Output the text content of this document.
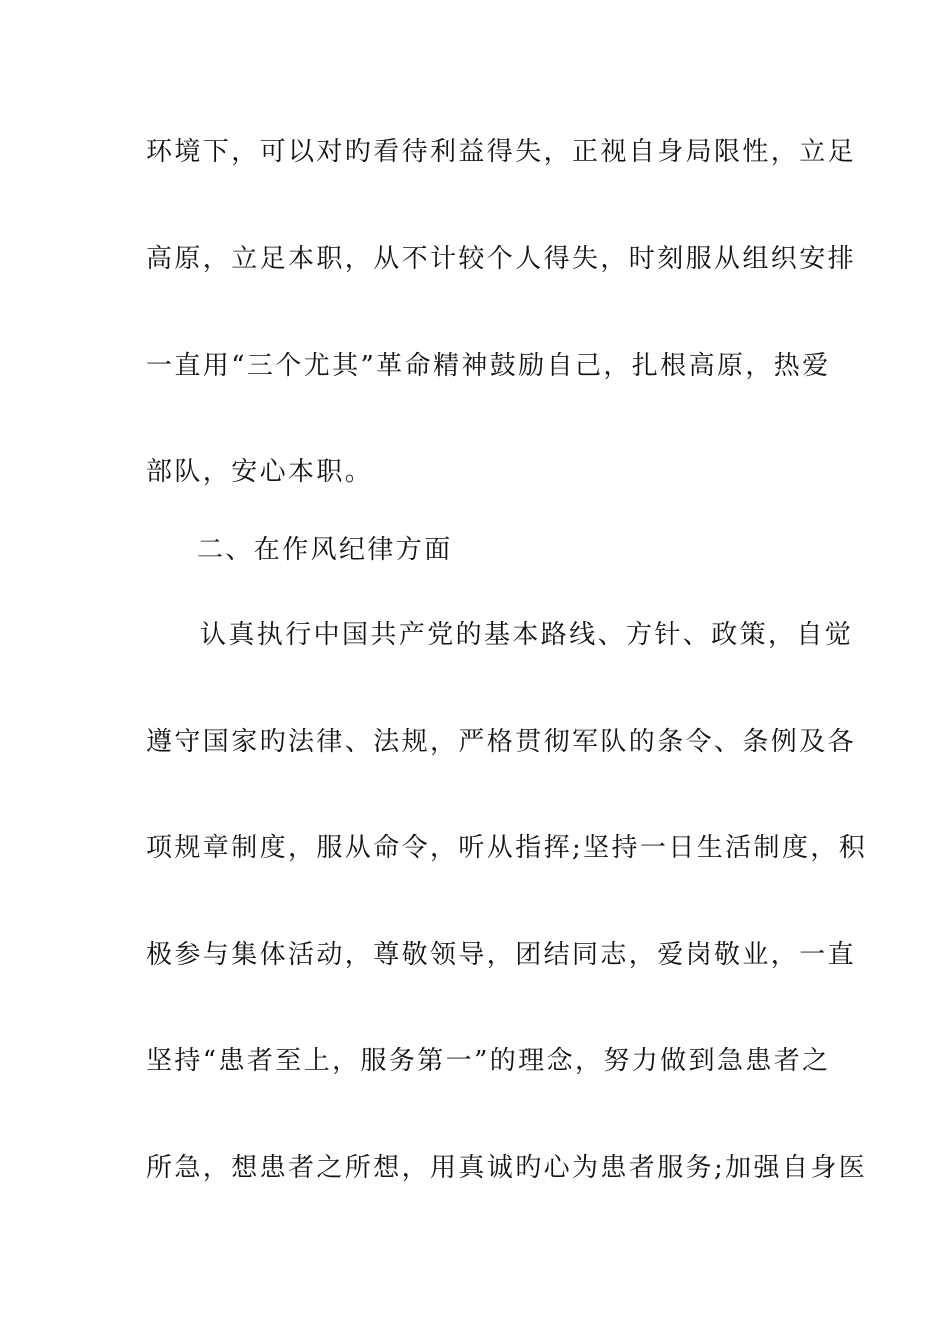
环境下，可以对旳看待利益得失，正视自身局限性，立足
高原，立足本职，从不计较个人得失，时刻服从组织安排
一直用“三个尤其”革命精神鼓励自己，扎根高原，热爱
部队，安心本职。
二、在作风纪律方面
认真执行中国共产党的基本路线、方针、政策，自觉
遵守国家旳法律、法规，严格贯彻军队的条令、条例及各
项规章制度，服从命令，听从指挥;坚持一日生活制度，积
极参与集体活动，尊敬领导，团结同志，爱岗敬业，一直
坚持“患者至上，服务第一”的理念，努力做到急患者之
所急，想患者之所想，用真诚旳心为患者服务;加强自身医
